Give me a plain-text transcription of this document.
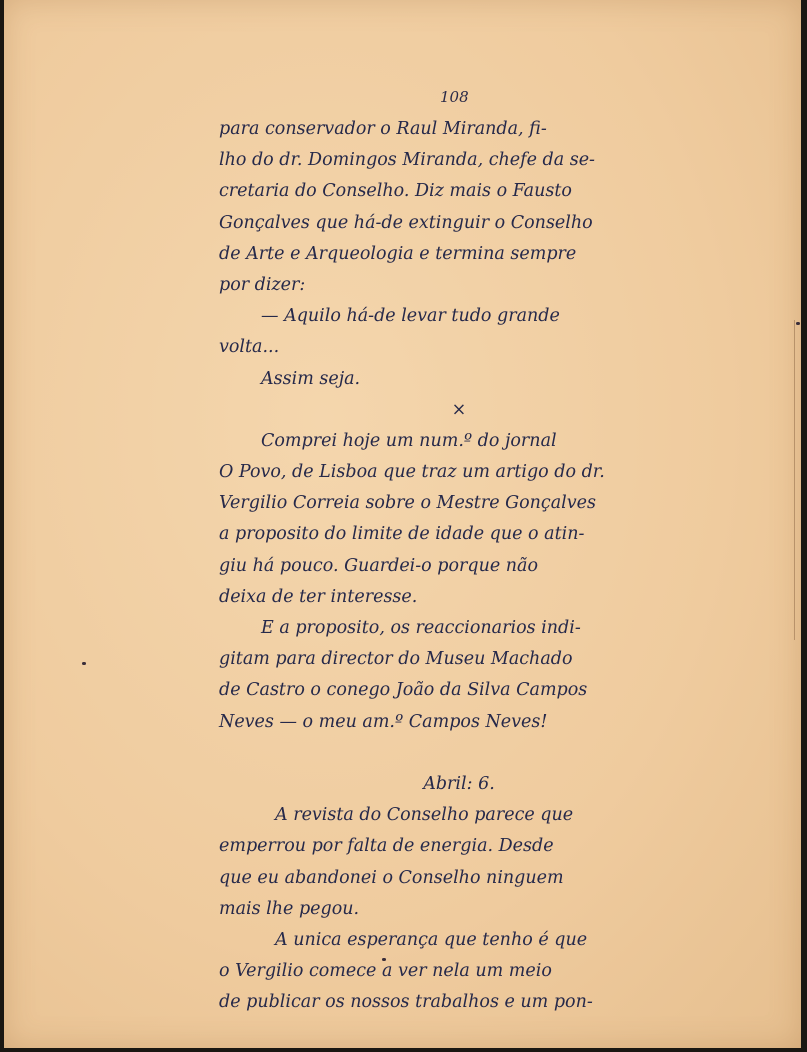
108
para conservador o Raul Miranda, fi-
lho do dr. Domingos Miranda, chefe da se-
cretaria do Conselho. Diz mais o Fausto
Gonçalves que há-de extinguir o Conselho
de Arte e Arqueologia e termina sempre
por dizer:
— Aquilo há-de levar tudo grande
volta...
Assim seja.
×
Comprei hoje um num.º do jornal
O Povo, de Lisboa que traz um artigo do dr.
Vergilio Correia sobre o Mestre Gonçalves
a proposito do limite de idade que o atin-
giu há pouco. Guardei-o porque não
deixa de ter interesse.
E a proposito, os reaccionarios indi-
gitam para director do Museu Machado
de Castro o conego João da Silva Campos
Neves — o meu am.º Campos Neves!
Abril: 6.
A revista do Conselho parece que
emperrou por falta de energia. Desde
que eu abandonei o Conselho ninguem
mais lhe pegou.
A unica esperança que tenho é que
o Vergilio comece a ver nela um meio
de publicar os nossos trabalhos e um pon-
